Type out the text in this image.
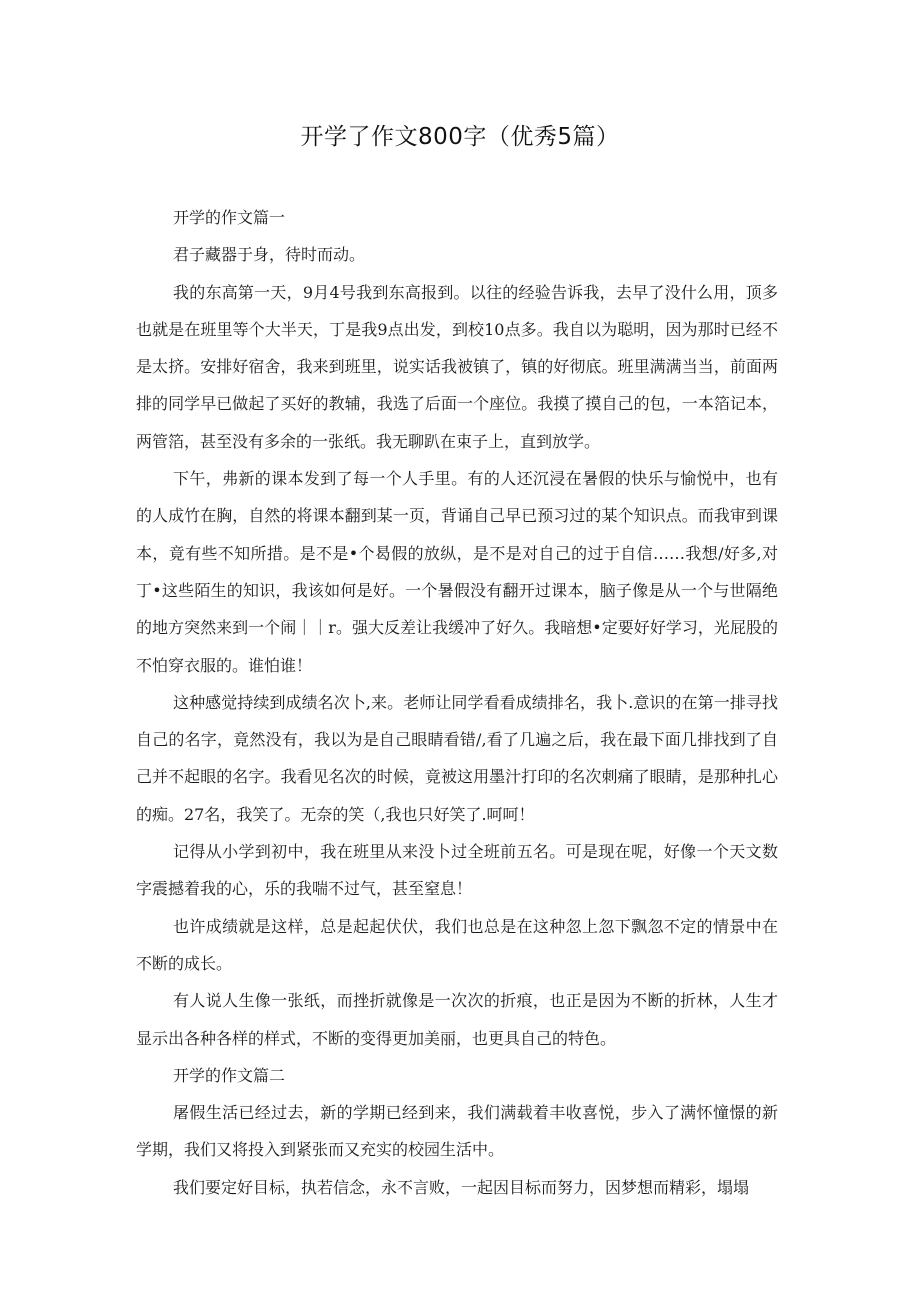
开学了作文800字（优秀5篇）

开学的作文篇一

君子藏器于身，待时而动。

我的东高第一天，9月4号我到东高报到。以往的经验告诉我，去早了没什么用，顶多也就是在班里等个大半天，丁是我9点出发，到校10点多。我自以为聪明，因为那时已经不是太挤。安排好宿舍，我来到班里，说实话我被镇了，镇的好彻底。班里满满当当，前面两排的同学早已做起了买好的教辅，我选了后面一个座位。我摸了摸自己的包，一本箔记本，两管箔，甚至没有多余的一张纸。我无聊趴在束子上，直到放学。

下午，弗新的课本发到了每一个人手里。有的人还沉浸在暑假的快乐与愉悦中，也有的人成竹在胸，自然的将课本翻到某一页，背诵自己早已预习过的某个知识点。而我审到课本，竟有些不知所措。是不是•个曷假的放纵，是不是对自己的过于自信……我想/好多,对丁•这些陌生的知识，我该如何是好。一个暑假没有翻开过课本，脑子像是从一个与世隔绝的地方突然来到一个闹｜｜r。强大反差让我缓冲了好久。我暗想•定要好好学习，光屁股的不怕穿衣服的。谁怕谁！

这种感觉持续到成绩名次卜,来。老师让同学看看成绩排名，我卜.意识的在第一排寻找自己的名字，竟然没有，我以为是自己眼睛看错/,看了几遍之后，我在最下面几排找到了自己并不起眼的名字。我看见名次的时候，竟被这用墨汁打印的名次刺痛了眼睛，是那种扎心的痴。27名，我笑了。无奈的笑（,我也只好笑了.呵呵！

记得从小学到初中，我在班里从来没卜过全班前五名。可是现在呢，好像一个天文数字震撼着我的心，乐的我喘不过气，甚至窒息！

也许成绩就是这样，总是起起伏伏，我们也总是在这种忽上忽下飘忽不定的情景中在不断的成长。

有人说人生像一张纸，而挫折就像是一次次的折痕，也正是因为不断的折林，人生才显示出各种各样的样式，不断的变得更加美丽，也更具自己的特色。

开学的作文篇二

屠假生活已经过去，新的学期已经到来，我们满载着丰收喜悦，步入了满怀憧憬的新学期，我们又将投入到紧张而又充实的校园生活中。

我们要定好目标，执若信念，永不言败，一起因目标而努力，因梦想而精彩，塌塌
